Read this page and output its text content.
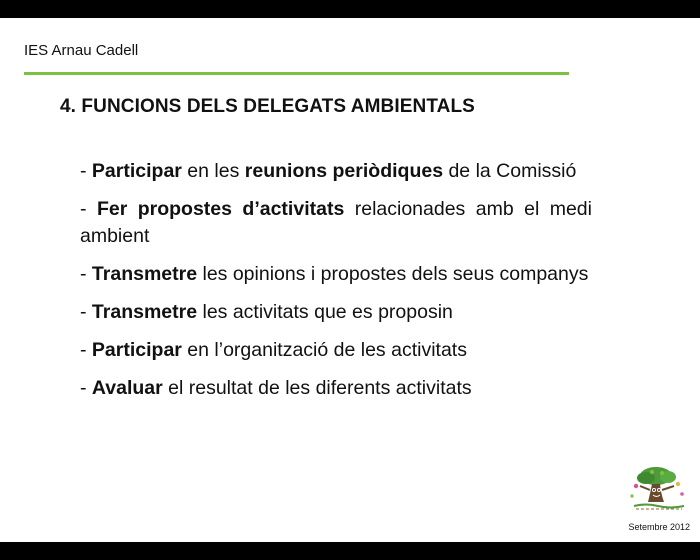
IES Arnau Cadell
4. FUNCIONS DELS DELEGATS AMBIENTALS
- Participar en les reunions periòdiques de la Comissió
- Fer propostes d’activitats relacionades amb el medi ambient
- Transmetre les opinions i propostes dels seus companys
- Transmetre les activitats que es proposin
- Participar en l’organització de les activitats
- Avaluar el resultat de les diferents activitats
Setembre 2012
